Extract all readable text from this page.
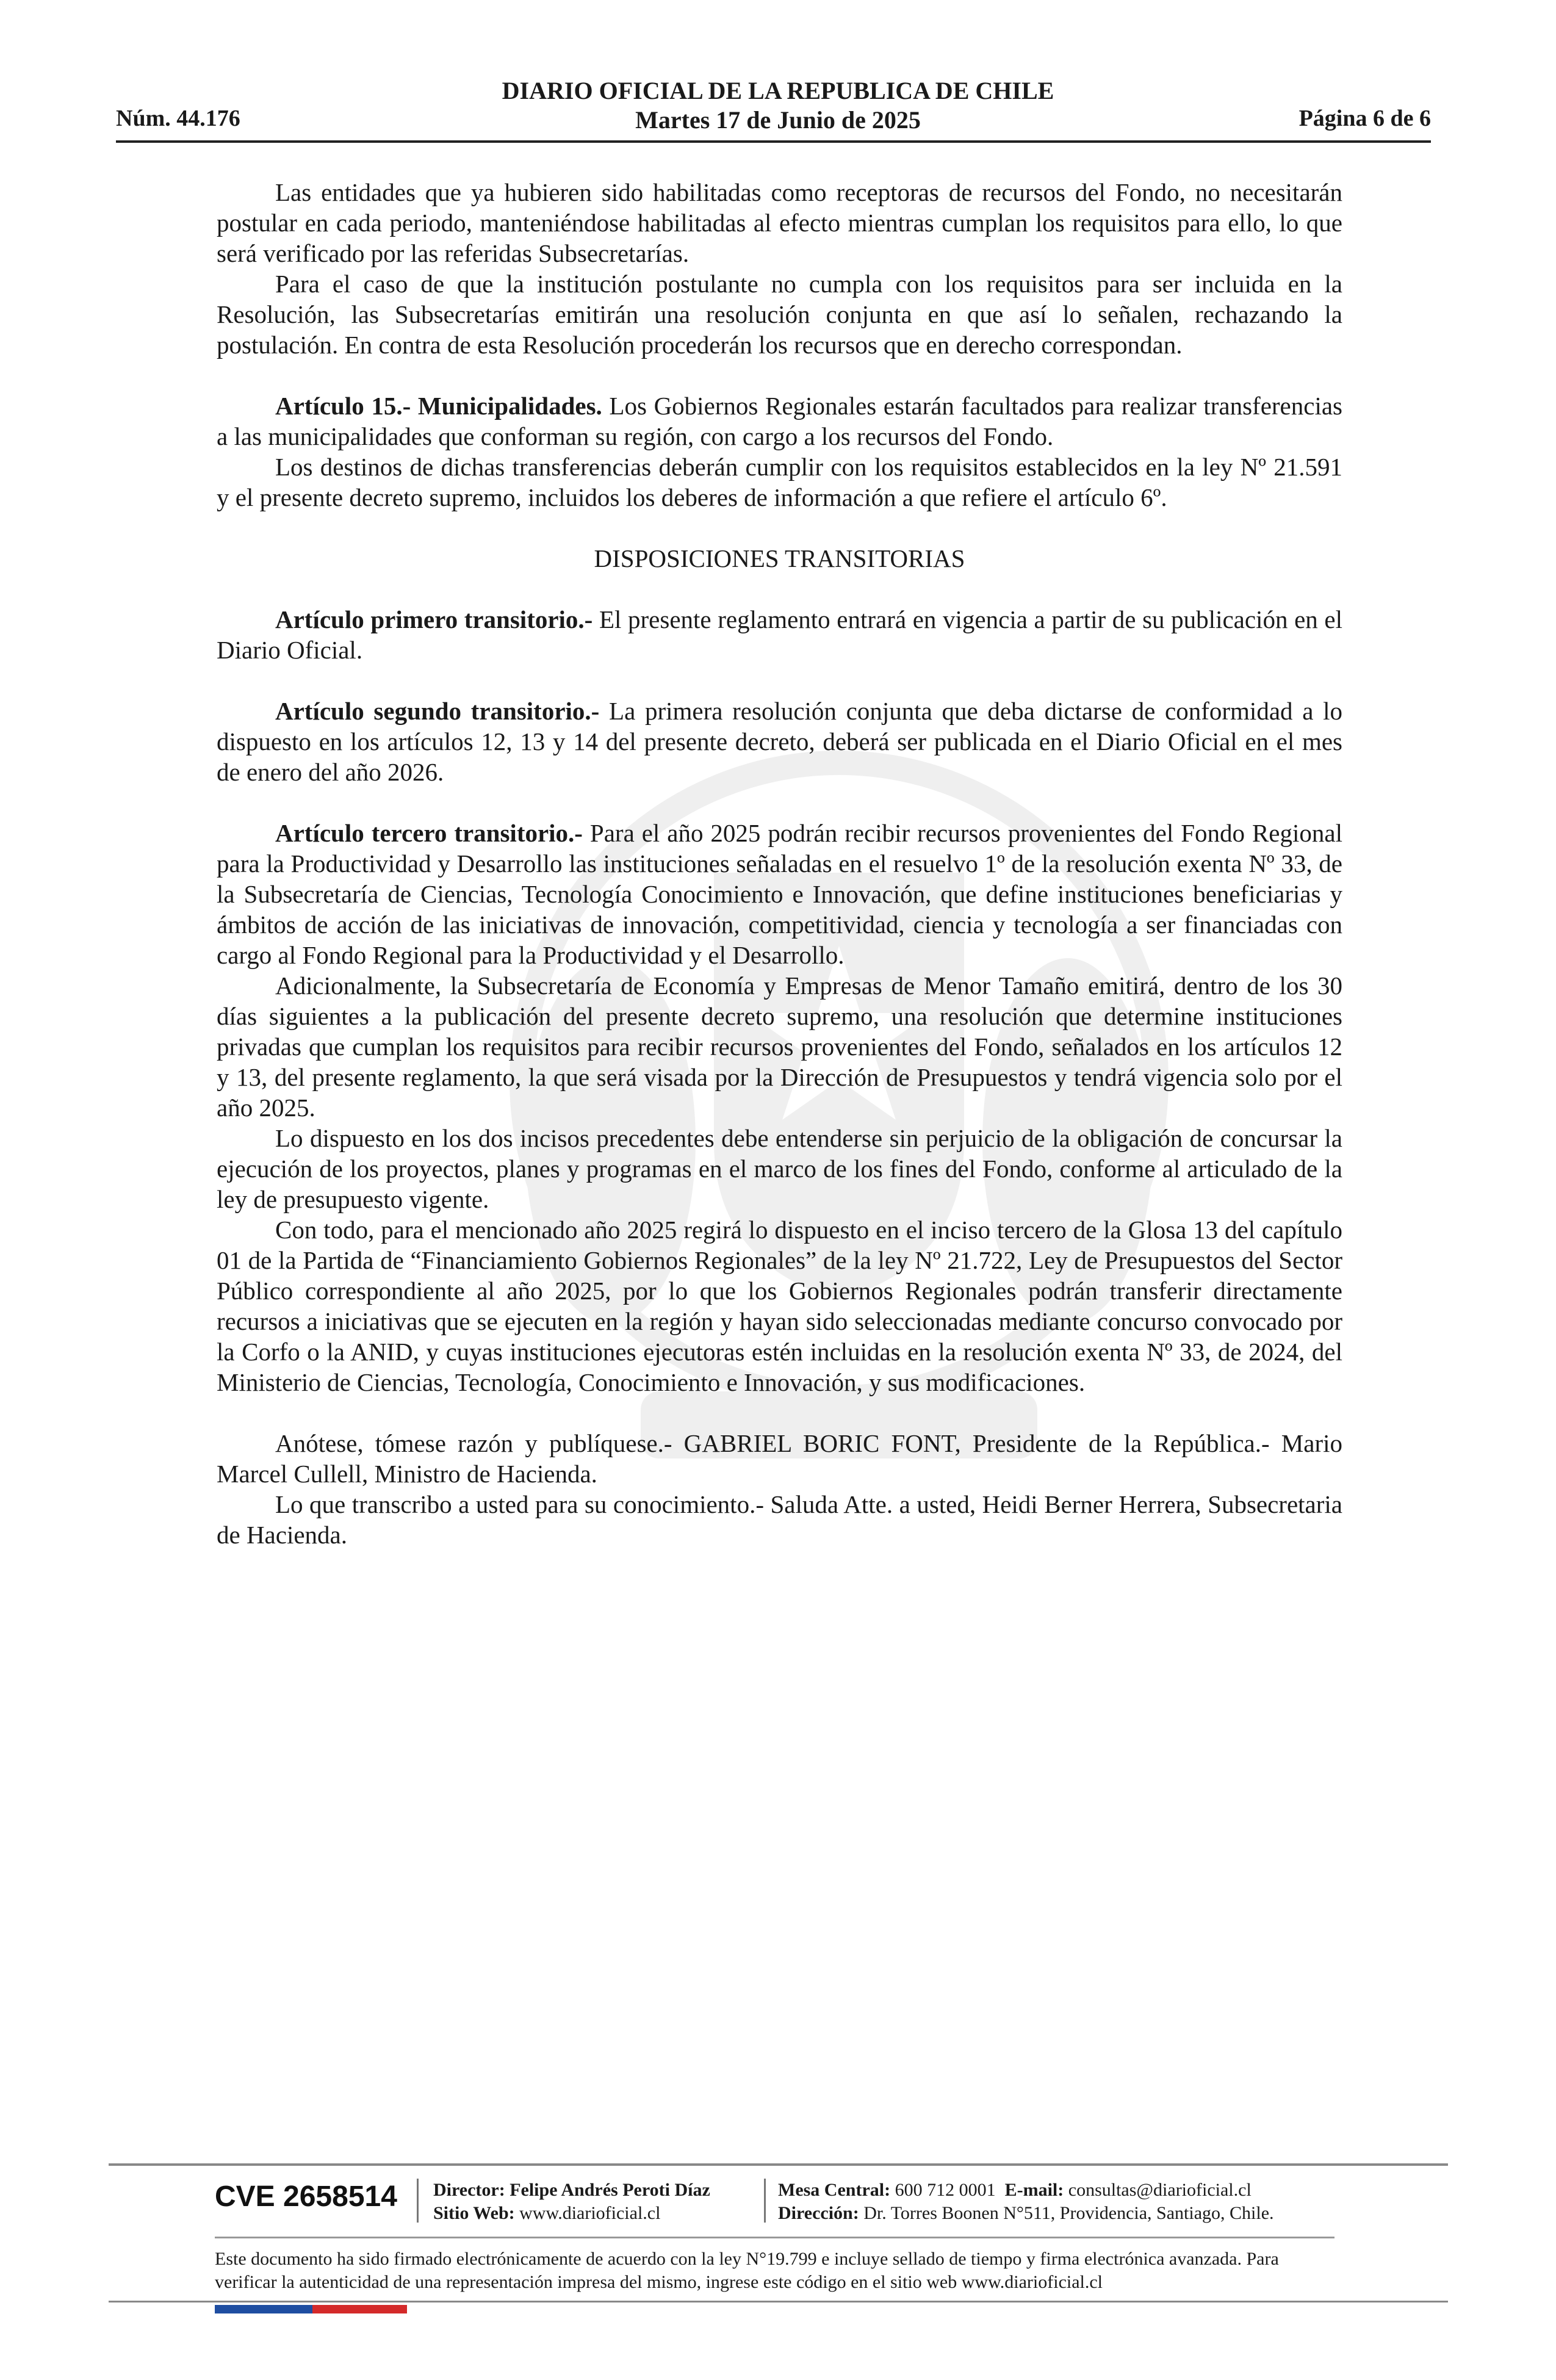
Núm. 44.176
DIARIO OFICIAL DE LA REPUBLICA DE CHILE
Martes 17 de Junio de 2025	Página 6 de 6

Las entidades que ya hubieren sido habilitadas como receptoras de recursos del Fondo, no necesitarán postular en cada periodo, manteniéndose habilitadas al efecto mientras cumplan los requisitos para ello, lo que será verificado por las referidas Subsecretarías.

Para el caso de que la institución postulante no cumpla con los requisitos para ser incluida en la Resolución, las Subsecretarías emitirán una resolución conjunta en que así lo señalen, rechazando la postulación. En contra de esta Resolución procederán los recursos que en derecho correspondan.

Artículo 15.- Municipalidades. Los Gobiernos Regionales estarán facultados para realizar transferencias a las municipalidades que conforman su región, con cargo a los recursos del Fondo.

Los destinos de dichas transferencias deberán cumplir con los requisitos establecidos en la ley Nº 21.591 y el presente decreto supremo, incluidos los deberes de información a que refiere el artículo 6º.

DISPOSICIONES TRANSITORIAS

Artículo primero transitorio.- El presente reglamento entrará en vigencia a partir de su publicación en el Diario Oficial.

Artículo segundo transitorio.- La primera resolución conjunta que deba dictarse de conformidad a lo dispuesto en los artículos 12, 13 y 14 del presente decreto, deberá ser publicada en el Diario Oficial en el mes de enero del año 2026.

Artículo tercero transitorio.- Para el año 2025 podrán recibir recursos provenientes del Fondo Regional para la Productividad y Desarrollo las instituciones señaladas en el resuelvo 1º de la resolución exenta Nº 33, de la Subsecretaría de Ciencias, Tecnología Conocimiento e Innovación, que define instituciones beneficiarias y ámbitos de acción de las iniciativas de innovación, competitividad, ciencia y tecnología a ser financiadas con cargo al Fondo Regional para la Productividad y el Desarrollo.

Adicionalmente, la Subsecretaría de Economía y Empresas de Menor Tamaño emitirá, dentro de los 30 días siguientes a la publicación del presente decreto supremo, una resolución que determine instituciones privadas que cumplan los requisitos para recibir recursos provenientes del Fondo, señalados en los artículos 12 y 13, del presente reglamento, la que será visada por la Dirección de Presupuestos y tendrá vigencia solo por el año 2025.

Lo dispuesto en los dos incisos precedentes debe entenderse sin perjuicio de la obligación de concursar la ejecución de los proyectos, planes y programas en el marco de los fines del Fondo, conforme al articulado de la ley de presupuesto vigente.

Con todo, para el mencionado año 2025 regirá lo dispuesto en el inciso tercero de la Glosa 13 del capítulo 01 de la Partida de “Financiamiento Gobiernos Regionales” de la ley Nº 21.722, Ley de Presupuestos del Sector Público correspondiente al año 2025, por lo que los Gobiernos Regionales podrán transferir directamente recursos a iniciativas que se ejecuten en la región y hayan sido seleccionadas mediante concurso convocado por la Corfo o la ANID, y cuyas instituciones ejecutoras estén incluidas en la resolución exenta Nº 33, de 2024, del Ministerio de Ciencias, Tecnología, Conocimiento e Innovación, y sus modificaciones.

Anótese, tómese razón y publíquese.- GABRIEL BORIC FONT, Presidente de la República.- Mario Marcel Cullell, Ministro de Hacienda.

Lo que transcribo a usted para su conocimiento.- Saluda Atte. a usted, Heidi Berner Herrera, Subsecretaria de Hacienda.

CVE 2658514 Director: Felipe Andrés Peroti Díaz
Sitio Web: www.diarioficial.cl
Mesa Central: 600 712 0001 E-mail: consultas@diarioficial.cl
Dirección: Dr. Torres Boonen N°511, Providencia, Santiago, Chile.
Este documento ha sido firmado electrónicamente de acuerdo con la ley N°19.799 e incluye sellado de tiempo y firma electrónica avanzada. Para verificar la autenticidad de una representación impresa del mismo, ingrese este código en el sitio web www.diarioficial.cl
